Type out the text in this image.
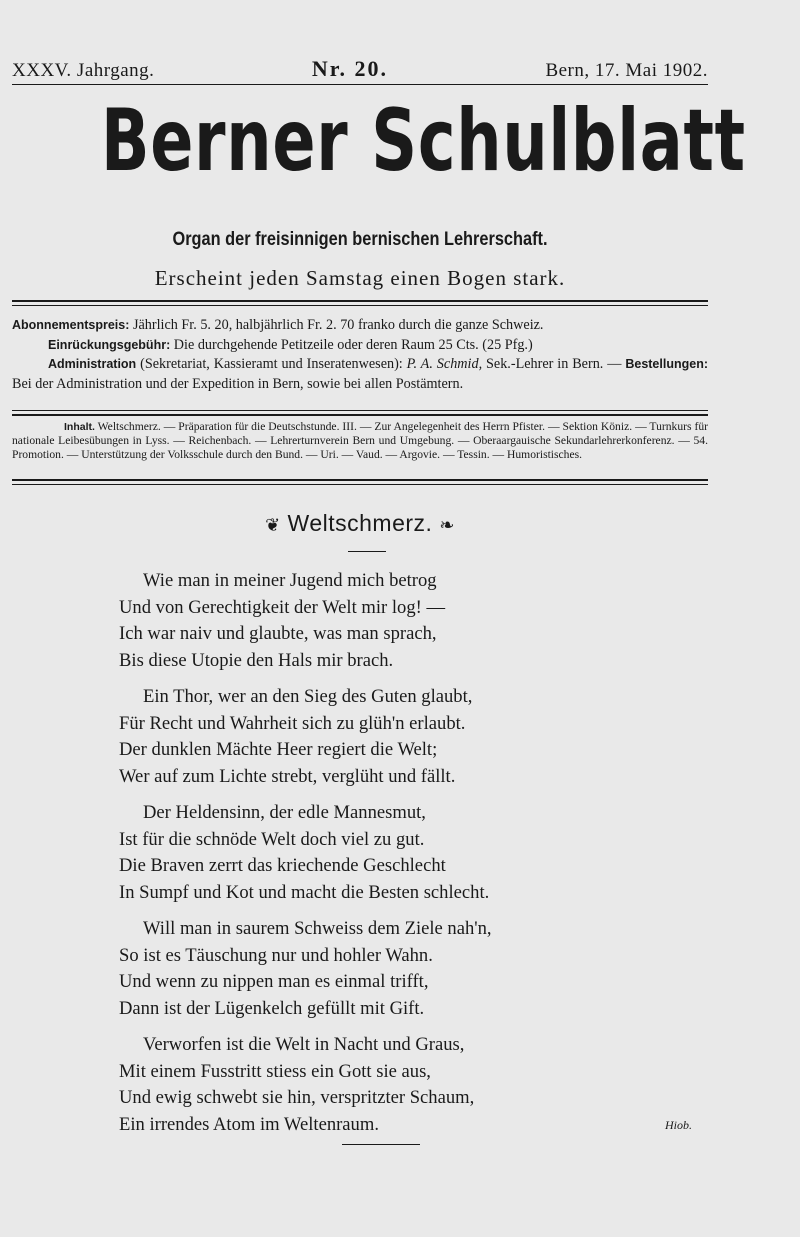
XXXV. Jahrgang.	Nr. 20.	Bern, 17. Mai 1902.
Berner Schulblatt
Organ der freisinnigen bernischen Lehrerschaft.
Erscheint jeden Samstag einen Bogen stark.

Abonnementspreis: Jährlich Fr. 5. 20, halbjährlich Fr. 2. 70 franko durch die ganze Schweiz.

Einrückungsgebühr: Die durchgehende Petitzeile oder deren Raum 25 Cts. (25 Pfg.)

Administration (Sekretariat, Kassieramt und Inseratenwesen): P. A. Schmid, Sek.-Lehrer in Bern. — Bestellungen: Bei der Administration und der Expedition in Bern, sowie bei allen Postämtern.

Inhalt. Weltschmerz. — Präparation für die Deutschstunde. III. — Zur Angelegenheit des Herrn Pfister. — Sektion Köniz. — Turnkurs für nationale Leibesübungen in Lyss. — Reichenbach. — Lehrerturnverein Bern und Umgebung. — Oberaargauische Sekundarlehrerkonferenz. — 54. Promotion. — Unterstützung der Volksschule durch den Bund. — Uri. — Vaud. — Argovie. — Tessin. — Humoristisches.

❦ Weltschmerz. ❧
Wie man in meiner Jugend mich betrog
Und von Gerechtigkeit der Welt mir log! —
Ich war naiv und glaubte, was man sprach,
Bis diese Utopie den Hals mir brach.
Ein Thor, wer an den Sieg des Guten glaubt,
Für Recht und Wahrheit sich zu glüh'n erlaubt.
Der dunklen Mächte Heer regiert die Welt;
Wer auf zum Lichte strebt, verglüht und fällt.
Der Heldensinn, der edle Mannesmut,
Ist für die schnöde Welt doch viel zu gut.
Die Braven zerrt das kriechende Geschlecht
In Sumpf und Kot und macht die Besten schlecht.
Will man in saurem Schweiss dem Ziele nah'n,
So ist es Täuschung nur und hohler Wahn.
Und wenn zu nippen man es einmal trifft,
Dann ist der Lügenkelch gefüllt mit Gift.
Verworfen ist die Welt in Nacht und Graus,
Mit einem Fusstritt stiess ein Gott sie aus,
Und ewig schwebt sie hin, verspritzter Schaum,
Ein irrendes Atom im Weltenraum.	Hiob.
